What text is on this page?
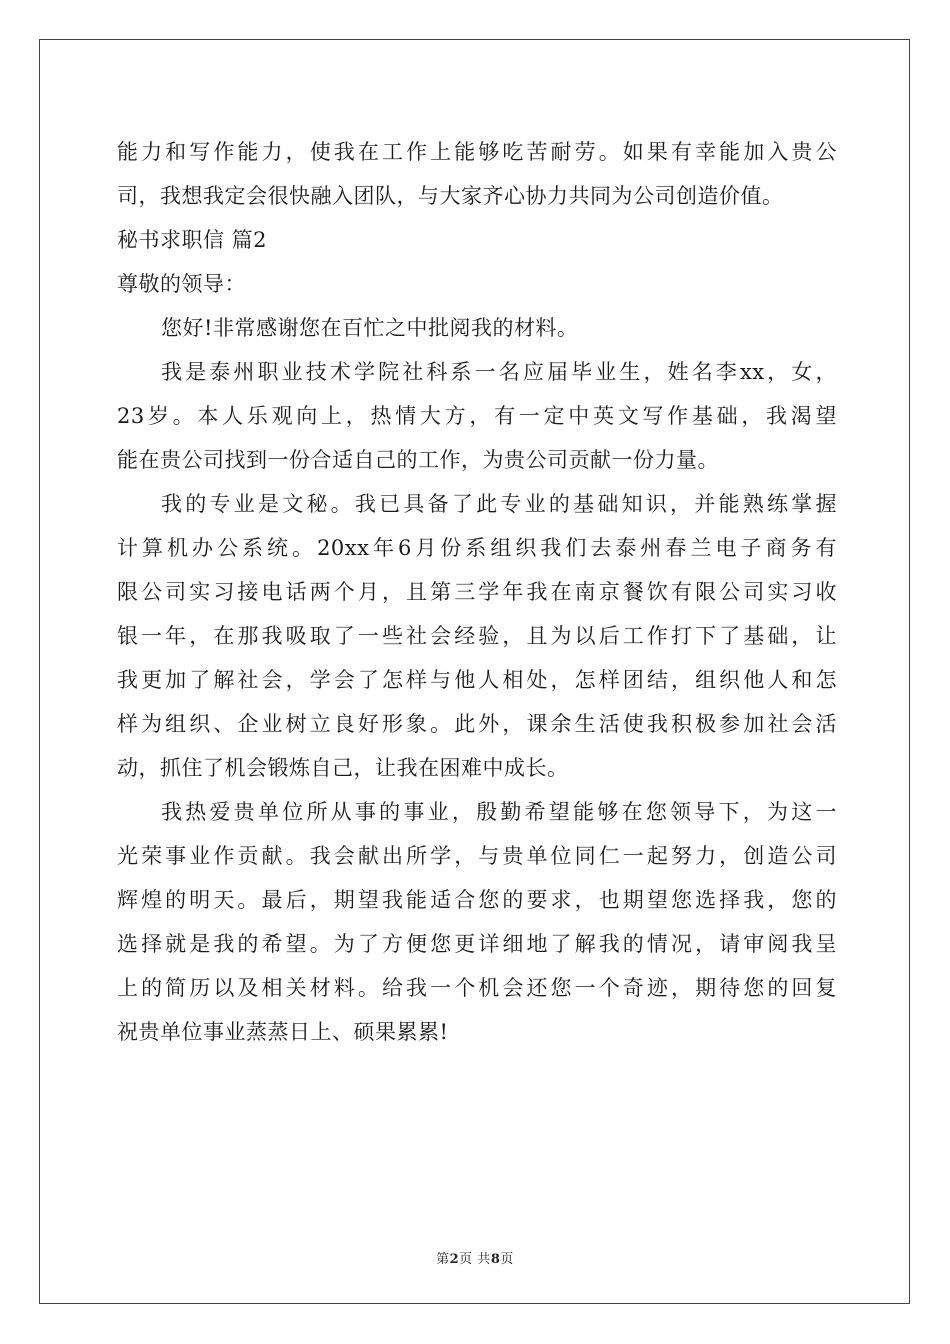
能力和写作能力，使我在工作上能够吃苦耐劳。如果有幸能加入贵公
司，我想我定会很快融入团队，与大家齐心协力共同为公司创造价值。
秘书求职信 篇2
尊敬的领导：
您好!非常感谢您在百忙之中批阅我的材料。
我是泰州职业技术学院社科系一名应届毕业生，姓名李xx，女，
23岁。本人乐观向上，热情大方，有一定中英文写作基础，我渴望
能在贵公司找到一份合适自己的工作，为贵公司贡献一份力量。
我的专业是文秘。我已具备了此专业的基础知识，并能熟练掌握
计算机办公系统。20xx年6月份系组织我们去泰州春兰电子商务有
限公司实习接电话两个月，且第三学年我在南京餐饮有限公司实习收
银一年，在那我吸取了一些社会经验，且为以后工作打下了基础，让
我更加了解社会，学会了怎样与他人相处，怎样团结，组织他人和怎
样为组织、企业树立良好形象。此外，课余生活使我积极参加社会活
动，抓住了机会锻炼自己，让我在困难中成长。
我热爱贵单位所从事的事业，殷勤希望能够在您领导下，为这一
光荣事业作贡献。我会献出所学，与贵单位同仁一起努力，创造公司
辉煌的明天。最后，期望我能适合您的要求，也期望您选择我，您的
选择就是我的希望。为了方便您更详细地了解我的情况，请审阅我呈
上的简历以及相关材料。给我一个机会还您一个奇迹，期待您的回复
祝贵单位事业蒸蒸日上、硕果累累!
第2页 共8页
